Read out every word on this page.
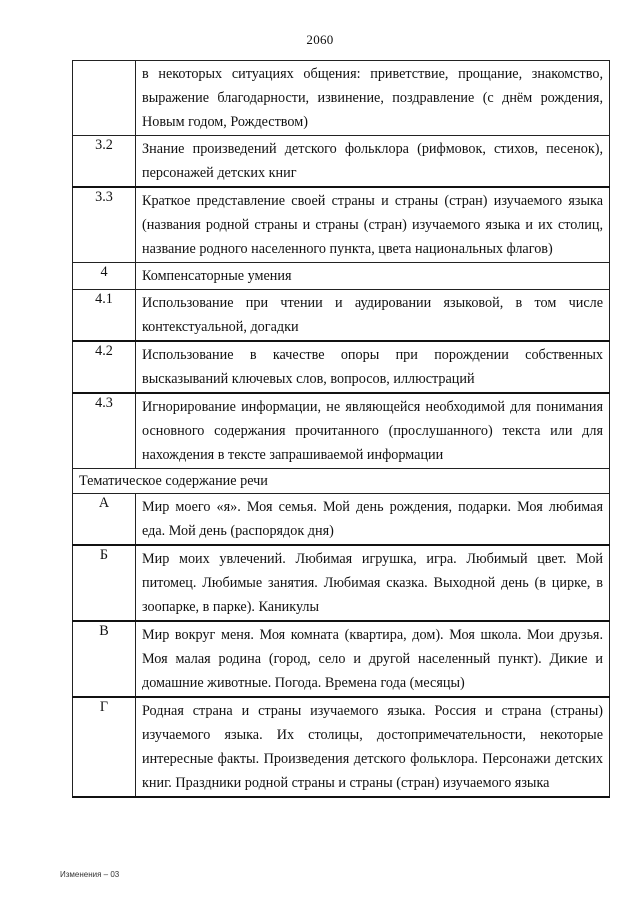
2060
	в некоторых ситуациях общения: приветствие, прощание, знакомство, выражение благодарности, извинение, поздравление (с днём рождения, Новым годом, Рождеством)
3.2	Знание произведений детского фольклора (рифмовок, стихов, песенок), персонажей детских книг
3.3	Краткое представление своей страны и страны (стран) изучаемого языка (названия родной страны и страны (стран) изучаемого языка и их столиц, название родного населенного пункта, цвета национальных флагов)
4	Компенсаторные умения
4.1	Использование при чтении и аудировании языковой, в том числе контекстуальной, догадки
4.2	Использование в качестве опоры при порождении собственных высказываний ключевых слов, вопросов, иллюстраций
4.3	Игнорирование информации, не являющейся необходимой для понимания основного содержания прочитанного (прослушанного) текста или для нахождения в тексте запрашиваемой информации
Тематическое содержание речи	
А	Мир моего «я». Моя семья. Мой день рождения, подарки. Моя любимая еда. Мой день (распорядок дня)
Б	Мир моих увлечений. Любимая игрушка, игра. Любимый цвет. Мой питомец. Любимые занятия. Любимая сказка. Выходной день (в цирке, в зоопарке, в парке). Каникулы
В	Мир вокруг меня. Моя комната (квартира, дом). Моя школа. Мои друзья. Моя малая родина (город, село и другой населенный пункт). Дикие и домашние животные. Погода. Времена года (месяцы)
Г	Родная страна и страны изучаемого языка. Россия и страна (страны) изучаемого языка. Их столицы, достопримечательности, некоторые интересные факты. Произведения детского фольклора. Персонажи детских книг. Праздники родной страны и страны (стран) изучаемого языка
Изменения – 03
